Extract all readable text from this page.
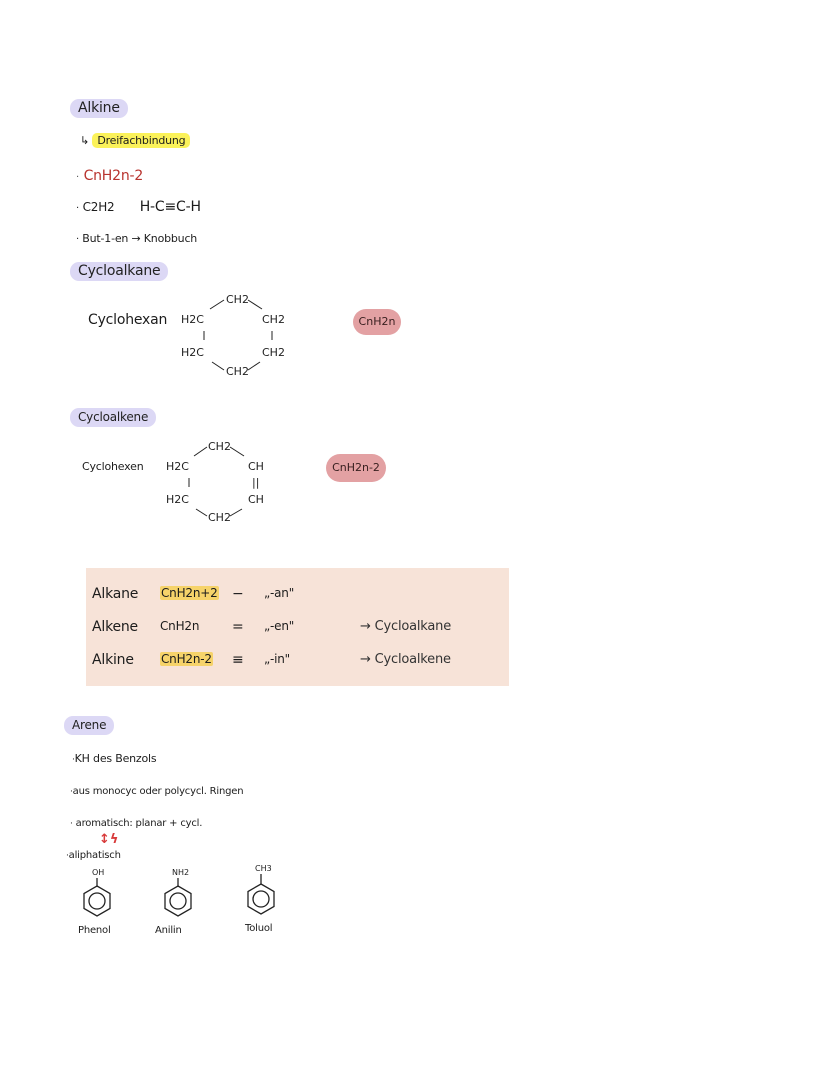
Alkine
↳ Dreifachbindung
· CnH2n-2
· C2H2 H-C≡C-H
· But-1-en → Knobbuch
Cycloalkane
Cyclohexan
CH2
H2C
H2C
CH2
CH2
CH2
CnH2n
Cycloalkene
Cyclohexen
CH2
H2C
H2C
CH
||
CH
CH2
CnH2n-2
Alkane CnH2n+2 − „-an"
Alkene CnH2n = „-en"	→ Cycloalkane
Alkine CnH2n-2 ≡ „-in"	→ Cycloalkene
Arene
·KH des Benzols
·aus monocyc oder polycycl. Ringen
· aromatisch: planar + cycl.
↕ϟ
·aliphatisch
OH	NH2	CH3
Phenol	Anilin	Toluol
